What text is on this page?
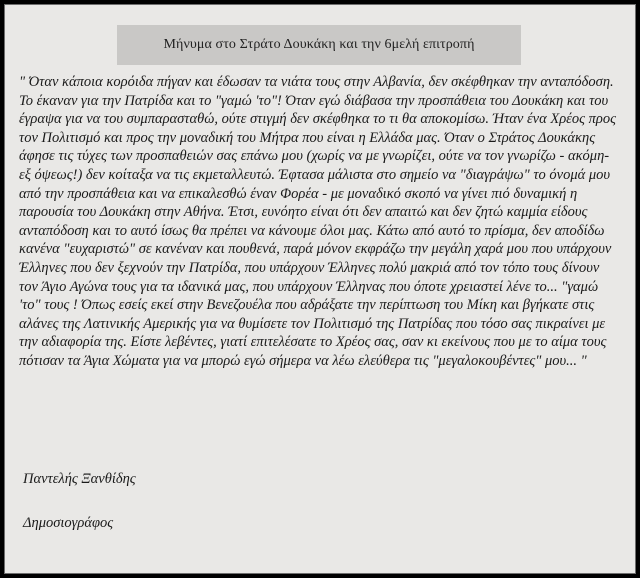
Μήνυμα στο Στράτο Δουκάκη και την 6μελή επιτροπή

" Όταν κάποια κορόιδα πήγαν και έδωσαν τα νιάτα τους στην Αλβανία, δεν σκέφθηκαν την ανταπόδοση. Το έκαναν για την Πατρίδα και το "γαμώ 'το"! Όταν εγώ διάβασα την προσπάθεια του Δουκάκη και του έγραψα για να του συμπαρασταθώ, ούτε στιγμή δεν σκέφθηκα το τι θα αποκομίσω. Ήταν ένα Χρέος προς τον Πολιτισμό και προς την μοναδική του Μήτρα που είναι η Ελλάδα μας. Όταν ο Στράτος Δουκάκης άφησε τις τύχες των προσπαθειών σας επάνω μου (χωρίς να με γνωρίζει, ούτε να τον γνωρίζω - ακόμη- εξ όψεως!) δεν κοίταξα να τις εκμεταλλευτώ. Έφτασα μάλιστα στο σημείο να "διαγράψω" το όνομά μου από την προσπάθεια και να επικαλεσθώ έναν Φορέα - με μοναδικό σκοπό να γίνει πιό δυναμική η παρουσία του Δουκάκη στην Αθήνα. Έτσι, ευνόητο είναι ότι δεν απαιτώ και δεν ζητώ καμμία είδους ανταπόδοση και το αυτό ίσως θα πρέπει να κάνουμε όλοι μας. Κάτω από αυτό το πρίσμα, δεν αποδίδω κανένα "ευχαριστώ" σε κανέναν και πουθενά, παρά μόνον εκφράζω την μεγάλη χαρά μου που υπάρχουν Έλληνες που δεν ξεχνούν την Πατρίδα, που υπάρχουν Έλληνες πολύ μακριά από τον τόπο τους δίνουν τον Άγιο Αγώνα τους για τα ιδανικά μας, που υπάρχουν Έλληνας που όποτε χρειαστεί λένε το... "γαμώ 'το" τους ! Όπως εσείς εκεί στην Βενεζουέλα που αδράξατε την περίπτωση του Μίκη και βγήκατε στις αλάνες της Λατινικής Αμερικής για να θυμίσετε τον Πολιτισμό της Πατρίδας που τόσο σας πικραίνει με την αδιαφορία της. Είστε λεβέντες, γιατί επιτελέσατε το Χρέος σας, σαν κι εκείνους που με το αίμα τους πότισαν τα Άγια Χώματα για να μπορώ εγώ σήμερα να λέω ελεύθερα τις "μεγαλοκουβέντες" μου... "

Παντελής Ξανθίδης
Δημοσιογράφος
